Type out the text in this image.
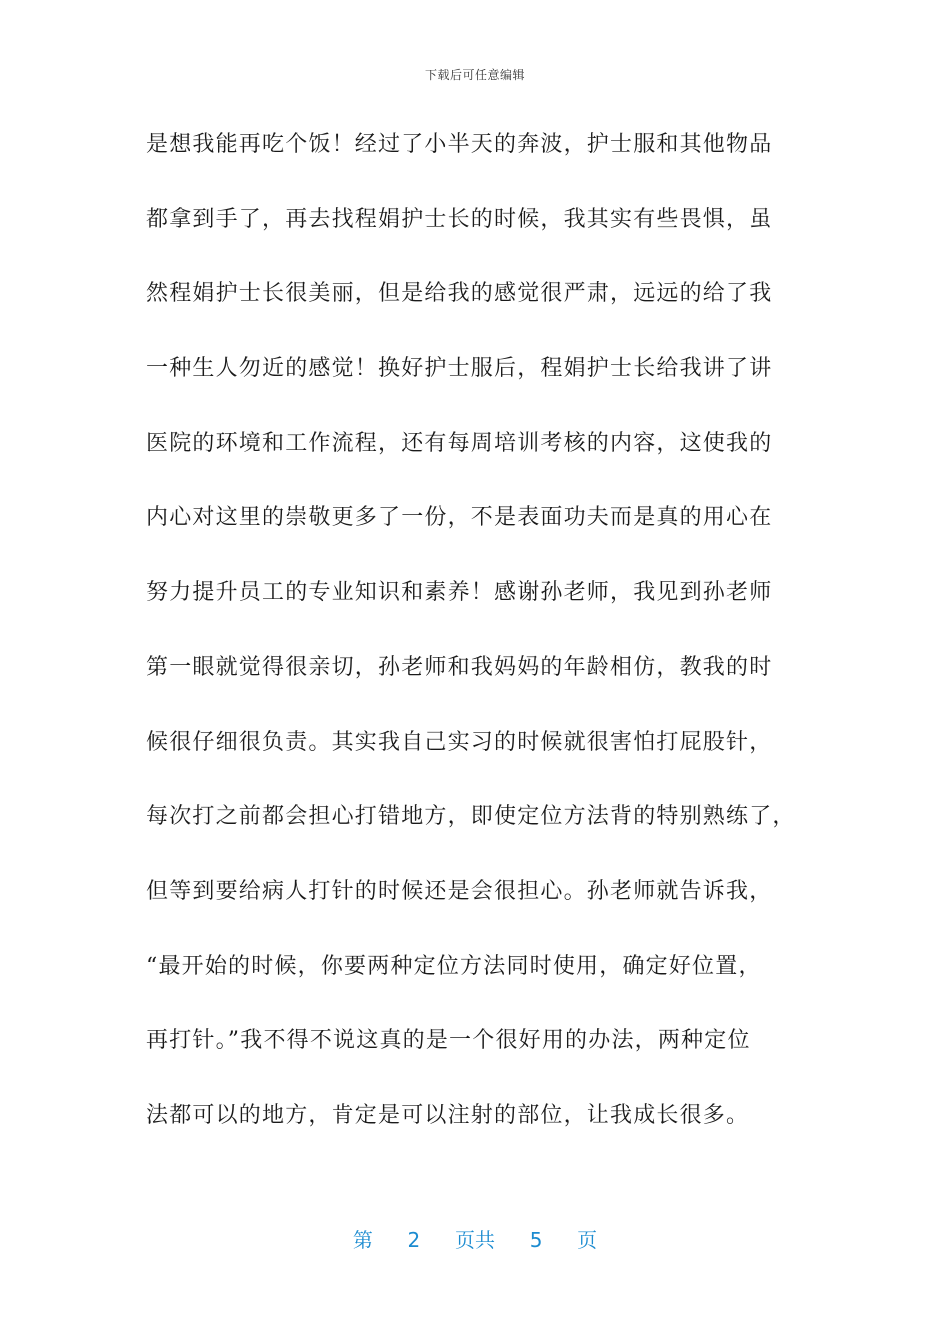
下载后可任意编辑
是想我能再吃个饭！经过了小半天的奔波，护士服和其他物品
都拿到手了，再去找程娟护士长的时候，我其实有些畏惧，虽
然程娟护士长很美丽，但是给我的感觉很严肃，远远的给了我
一种生人勿近的感觉！换好护士服后，程娟护士长给我讲了讲
医院的环境和工作流程，还有每周培训考核的内容，这使我的
内心对这里的崇敬更多了一份，不是表面功夫而是真的用心在
努力提升员工的专业知识和素养！感谢孙老师，我见到孙老师
第一眼就觉得很亲切，孙老师和我妈妈的年龄相仿，教我的时
候很仔细很负责。其实我自己实习的时候就很害怕打屁股针，
每次打之前都会担心打错地方，即使定位方法背的特别熟练了，
但等到要给病人打针的时候还是会很担心。孙老师就告诉我，
“最开始的时候，你要两种定位方法同时使用，确定好位置，
再打针。”我不得不说这真的是一个很好用的办法，两种定位
法都可以的地方，肯定是可以注射的部位，让我成长很多。
第 2 页共 5 页
